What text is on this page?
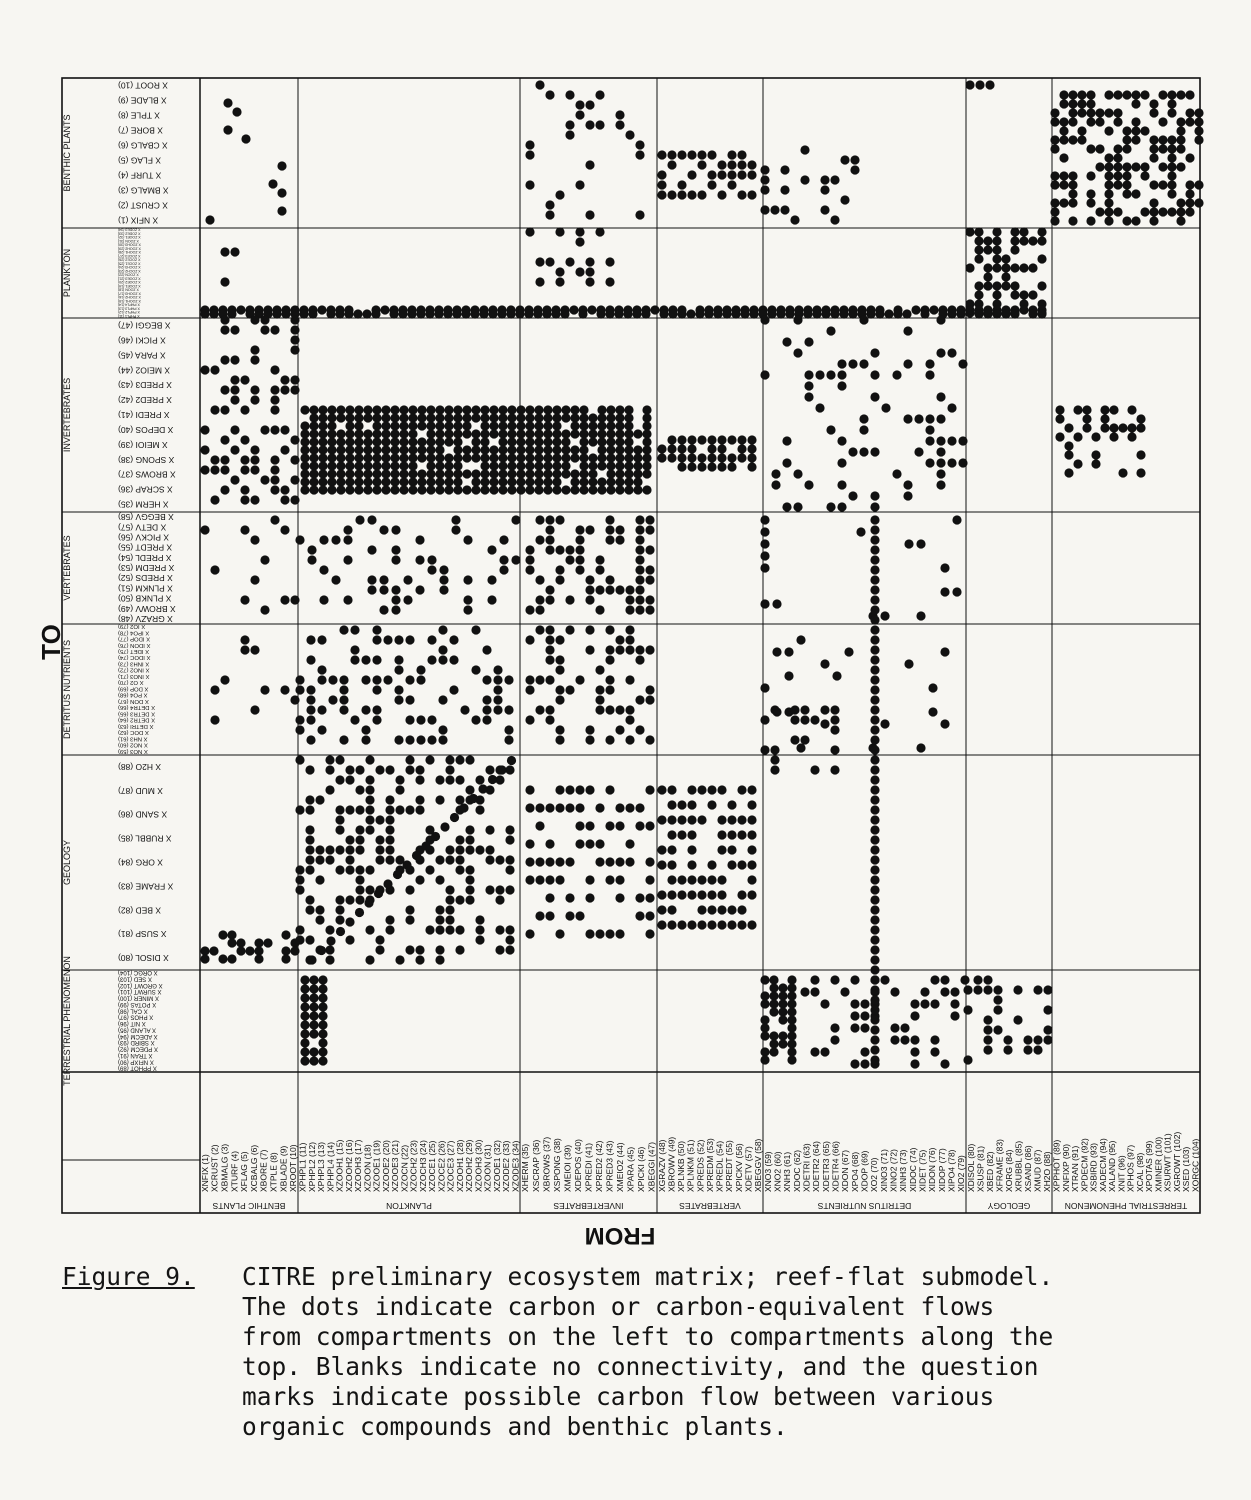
X NFIX (1)
X CRUST (2)
X BMALG (3)
X TURF (4)
X FLAG (5)
X CBALG (6)
X BORE (7)
X TPLE (8)
X BLADE (9)
X ROOT (10)
BENTHIC PLANTS
X PHPL1 (11)
X PHPL2 (12)
X PHPL3 (13)
X PHPL4 (14)
X ZOOH1 (15)
X ZOOH2 (16)
X ZOOH3 (17)
X ZOON (18)
X ZOOE1 (19)
X ZOOE2 (20)
X ZOOE3 (21)
X ZOCN (22)
X ZOCH2 (23)
X ZOCH3 (24)
X ZOCE1 (25)
X ZOCE2 (26)
X ZOCE3 (27)
X ZOOH1 (28)
X ZOOH2 (29)
X ZOOH3 (30)
X ZOON (31)
X ZOOE1 (32)
X ZODE2 (33)
X ZODE3 (34)
PLANKTON
X HERM (35)
X SCRAP (36)
X BROWS (37)
X SPONG (38)
X MEIOI (39)
X DEPOS (40)
X PREDI (41)
X PRED2 (42)
X PRED3 (43)
X MEIO2 (44)
X PARA (45)
X PICKI (46)
X BEGGI (47)
INVERTEBRATES
X GRAZV (48)
X BROWV (49)
X PLNKB (50)
X PLNKM (51)
X PREDS (52)
X PREDM (53)
X PREDL (54)
X PREDT (55)
X PICKV (56)
X DETV (57)
X BEGGV (58)
VERTEBRATES
X NO3 (59)
X NO2 (60)
X NH3 (61)
X DOC (62)
X DETRI (63)
X DETR2 (64)
X DETR3 (65)
X DETR4 (66)
X DON (67)
X PO4 (68)
X DOP (69)
X O2 (70)
X INO3 (71)
X INO2 (72)
X INH3 (73)
X IDOC (74)
X IDET (75)
X IDON (76)
X IDOP (77)
X IPO4 (78)
X IO2 (79)
DETRITUS NUTRIENTS
X DISOL (80)
X SUSP (81)
X BED (82)
X FRAME (83)
X ORG (84)
X RUBBL (85)
X SAND (86)
X MUD (87)
X H2O (88)
GEOLOGY
X PPHOT (89)
X NFIXP (90)
X TRAN (91)
X PDECM (92)
X SBIRD (93)
X ADECM (94)
X ALAND (95)
X NIT (96)
X PHOS (97)
X CAL (98)
X POTAS (99)
X MINER (100)
X SURWT (101)
X GROWT (102)
X SED (103)
X ORGC (104)
TERRESTRIAL PHENOMENON
XNFIX (1) XCRUST (2) XBMALG (3) XTURF (4) XFLAG (5) XCBALG (6) XBORE (7) XTPLE (8) XBLADE (9) XROOT (10)
BENTHIC PLANTS
XPHPL1 (11) XPHPL2 (12) XPHPL3 (13) XPHPL4 (14) XZOOH1 (15) XZOOH2 (16) XZOOH3 (17) XZOON (18) XZOOE1 (19) XZOOE2 (20) XZOOE3 (21) XZOCN (22) XZOCH2 (23) XZOCH3 (24) XZOCE1 (25) XZOCE2 (26) XZOCE3 (27) XZOOH1 (28) XZOOH2 (29) XZOOH3 (30) XZOON (31) XZOOE1 (32) XZODE2 (33) XZODE3 (34)
PLANKTON
XHERM (35) XSCRAP (36) XBROWS (37) XSPONG (38) XMEIOI (39) XDEPOS (40) XPREDI (41) XPRED2 (42) XPRED3 (43) XMEIO2 (44) XPARA (45) XPICKI (46) XBEGGI (47)
INVERTEBRATES
XGRAZV (48) XBROWV (49) XPLNKB (50) XPLNKM (51) XPREDS (52) XPREDM (53) XPREDL (54) XPREDT (55) XPICKV (56) XDETV (57) XBEGGV (58)
VERTEBRATES
XNO3 (59) XNO2 (60) XNH3 (61) XDOC (62) XDETRI (63) XDETR2 (64) XDETR3 (65) XDETR4 (66) XDON (67) XPO4 (68) XDOP (69) XO2 (70) XINO3 (71) XINO2 (72) XINH3 (73) XIDOC (74) XIDET (75) XIDON (76) XIDOP (77) XIPO4 (78) XIO2 (79)
DETRITUS NUTRIENTS
XDISOL (80) XSUSP (81) XBED (82) XFRAME (83) XORG (84) XRUBBL (85) XSAND (86) XMUD (87) XH2O (88)
GEOLOGY
XPPHOT (89) XNFIXP (90) XTRAN (91) XPDECM (92) XSBIRD (93) XADECM (94) XALAND (95) XNIT (96) XPHOS (97) XCAL (98) XPOTAS (99) XMINER (100) XSURWT (101) XGROWT (102) XSED (103) XORGC (104)
TERRESTRIAL PHENOMENON
TO
FROM
Figure 9. CITRE preliminary ecosystem matrix; reef-flat submodel.
The dots indicate carbon or carbon-equivalent flows
from compartments on the left to compartments along the
top. Blanks indicate no connectivity, and the question
marks indicate possible carbon flow between various
organic compounds and benthic plants.
